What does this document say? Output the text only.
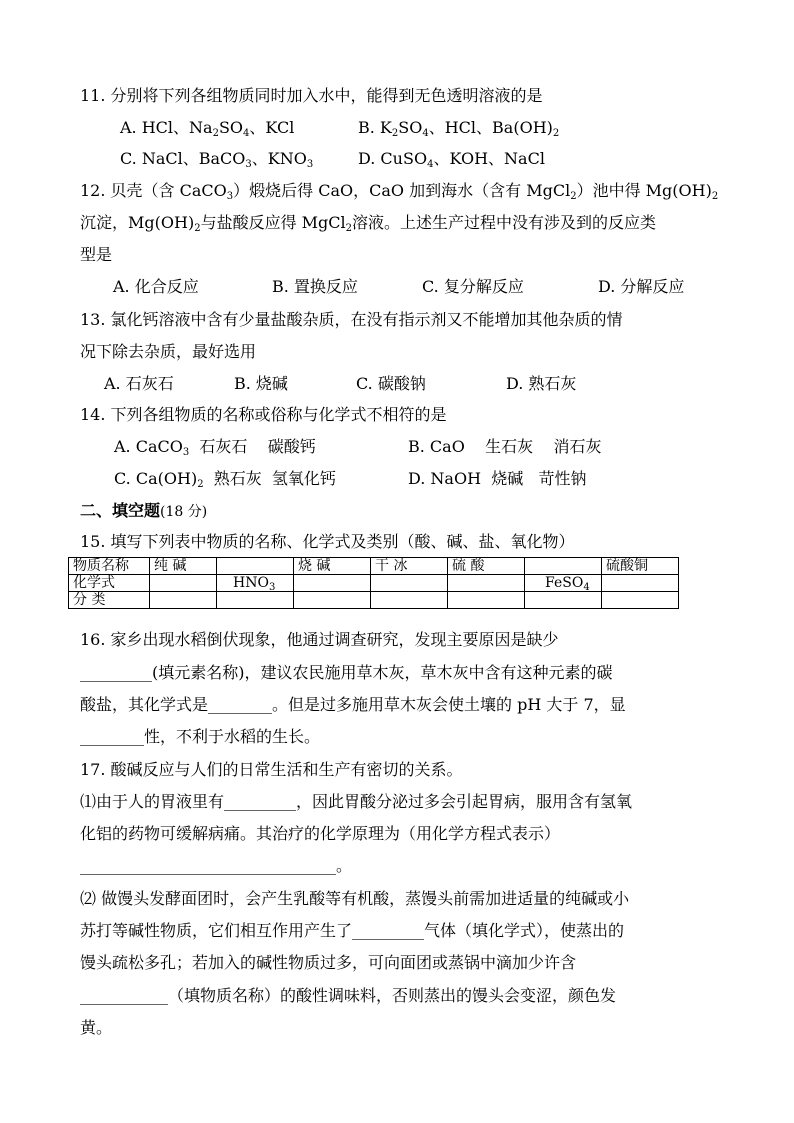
11. 分别将下列各组物质同时加入水中，能得到无色透明溶液的是
A. HCl、$Na_2SO_4$、KCl	B. $K_2SO_4$、HCl、$Ba(OH)_2$
C. NaCl、BaCO$_3$、$KNO_3$	D. CuSO$_4$、KOH、NaCl
12. 贝壳（含 CaCO$_3$）煅烧后得 CaO，CaO 加到海水（含有 MgCl$_2$）池中得 $Mg(OH)_2$
沉淀，$Mg(OH)_2$与盐酸反应得 MgCl$_2$溶液。上述生产过程中没有涉及到的反应类
型是
A. 化合反应	B. 置换反应	C. 复分解反应	D. 分解反应
13. 氯化钙溶液中含有少量盐酸杂质，在没有指示剂又不能增加其他杂质的情
况下除去杂质，最好选用
A. 石灰石	B. 烧碱	C. 碳酸钠	D. 熟石灰
14. 下列各组物质的名称或俗称与化学式不相符的是
A. CaCO$_3$  石灰石    碳酸钙	B. CaO    生石灰    消石灰
C. $Ca(OH)_2$  熟石灰  氢氧化钙	D. NaOH  烧碱   苛性钠
二、填空题(18 分)
15. 填写下列表中物质的名称、化学式及类别（酸、碱、盐、氧化物）
物质名称	纯 碱		烧 碱	干 冰	硫 酸		硫酸铜
化学式		$HNO_3$				FeSO$_4$	
分 类							
16. 家乡出现水稻倒伏现象，他通过调查研究，发现主要原因是缺少
_________(填元素名称)，建议农民施用草木灰，草木灰中含有这种元素的碳
酸盐，其化学式是________。但是过多施用草木灰会使土壤的 pH 大于 7，显
________性，不利于水稻的生长。
17. 酸碱反应与人们的日常生活和生产有密切的关系。
⑴由于人的胃液里有_________，因此胃酸分泌过多会引起胃病，服用含有氢氧
化铝的药物可缓解病痛。其治疗的化学原理为（用化学方程式表示）
________________________________。
⑵ 做馒头发酵面团时，会产生乳酸等有机酸，蒸馒头前需加进适量的纯碱或小
苏打等碱性物质，它们相互作用产生了_________气体（填化学式），使蒸出的
馒头疏松多孔；若加入的碱性物质过多，可向面团或蒸锅中滴加少许含
___________（填物质名称）的酸性调味料，否则蒸出的馒头会变涩，颜色发
黄。
